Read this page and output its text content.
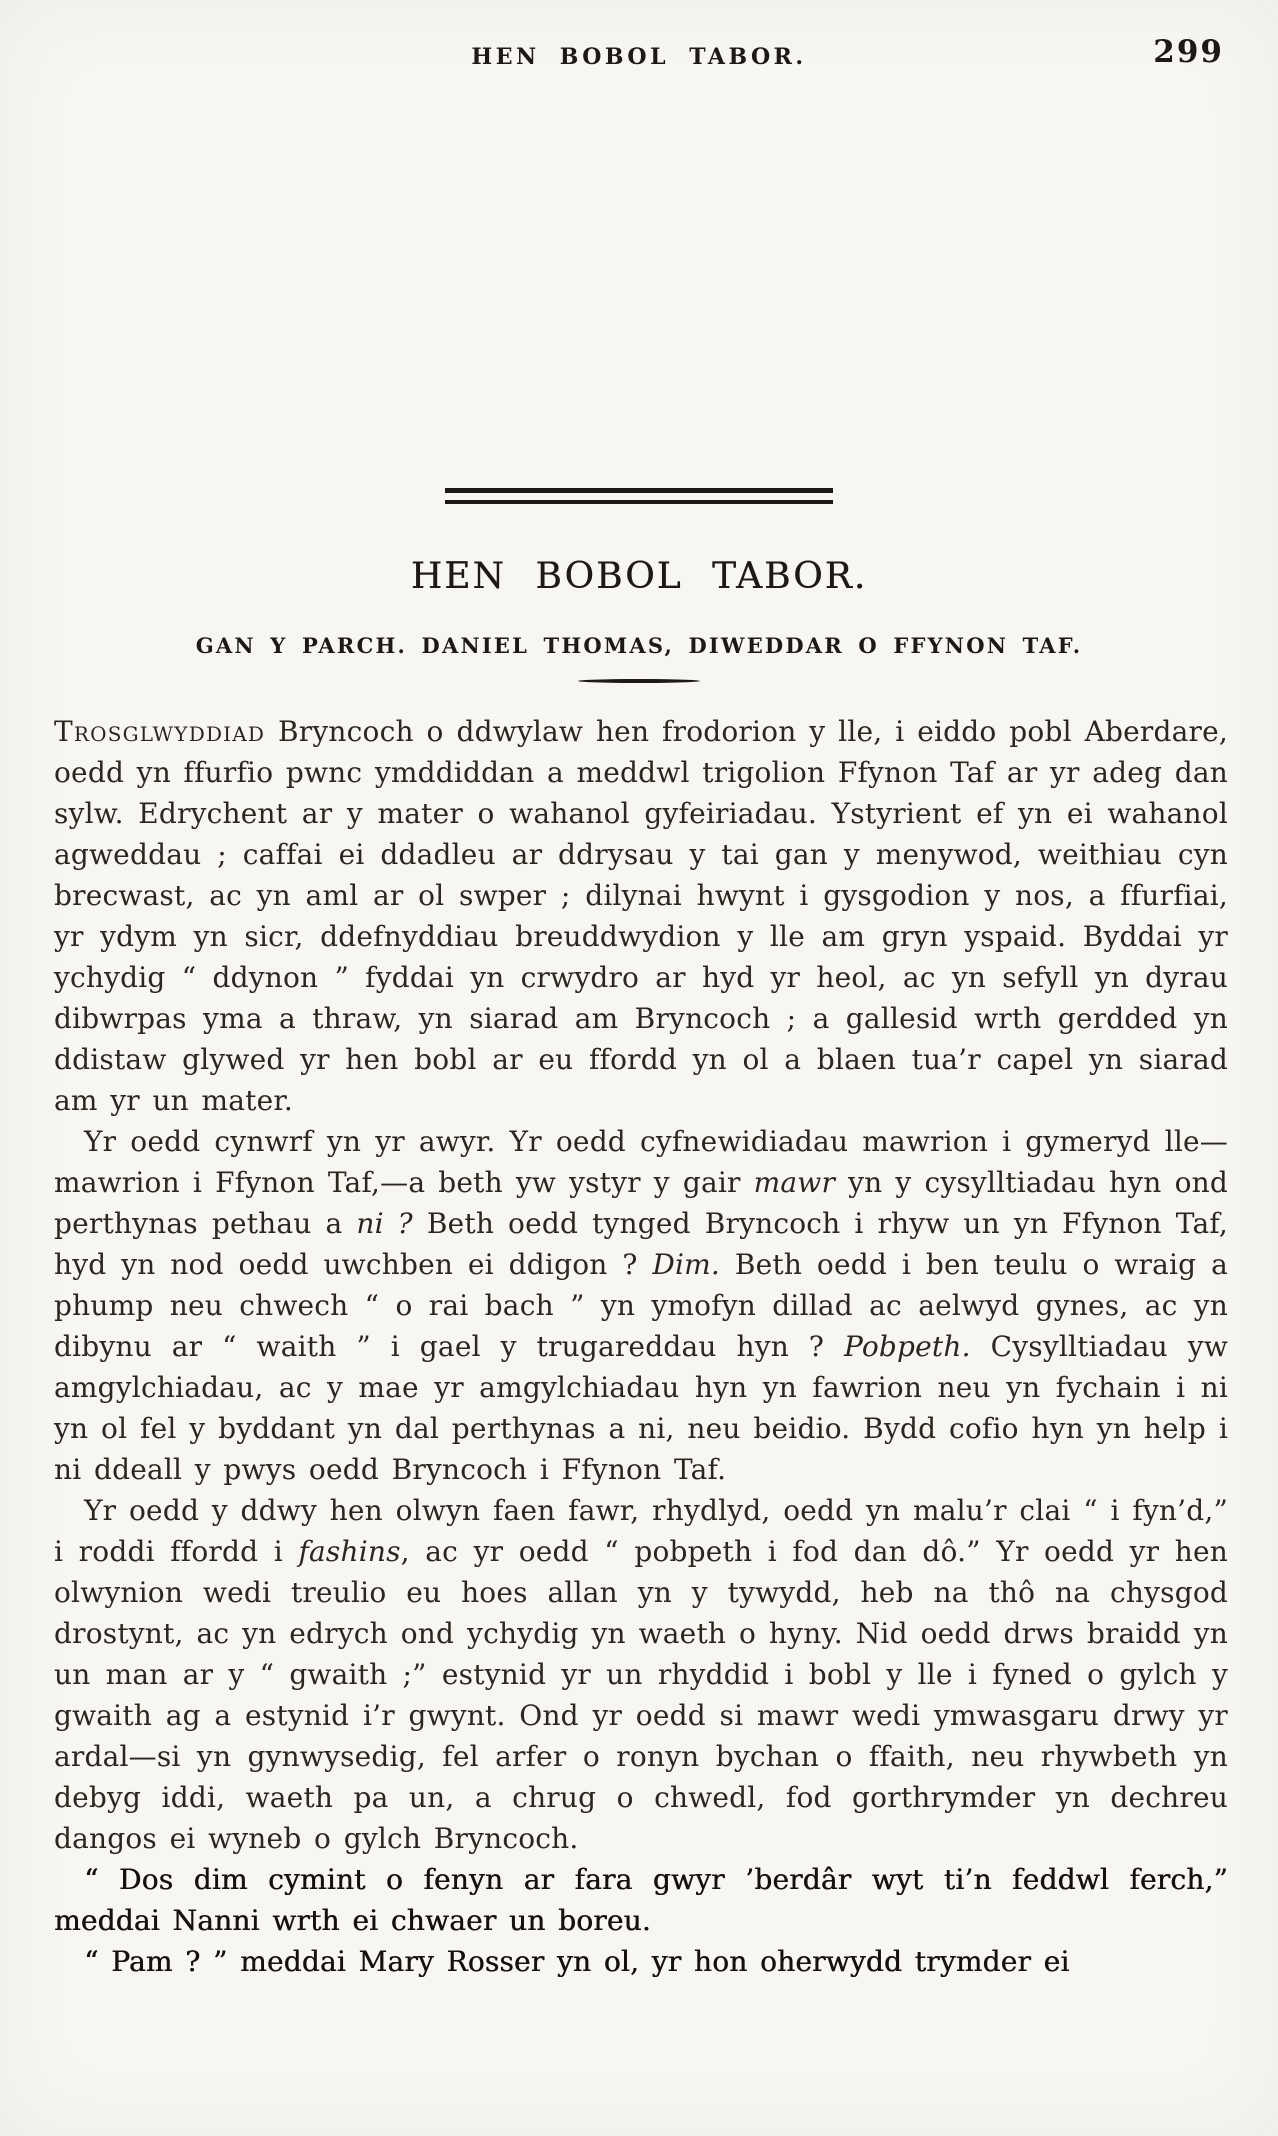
HEN BOBOL TABOR.	299
HEN BOBOL TABOR.
GAN Y PARCH. DANIEL THOMAS, DIWEDDAR O FFYNON TAF.

Trosglwyddiad Bryncoch o ddwylaw hen frodorion y lle, i eiddo pobl Aberdare, oedd yn ffurfio pwnc ymddiddan a meddwl trigolion Ffynon Taf ar yr adeg dan sylw. Edrychent ar y mater o wahanol gyfeiriadau. Ystyrient ef yn ei wahanol agweddau ; caffai ei ddadleu ar ddrysau y tai gan y menywod, weithiau cyn brecwast, ac yn aml ar ol swper ; dilynai hwynt i gysgodion y nos, a ffurfiai, yr ydym yn sicr, ddefnyddiau breuddwydion y lle am gryn yspaid. Byddai yr ychydig “ ddynon ” fyddai yn crwydro ar hyd yr heol, ac yn sefyll yn dyrau dibwrpas yma a thraw, yn siarad am Bryncoch ; a gallesid wrth gerdded yn ddistaw glywed yr hen bobl ar eu ffordd yn ol a blaen tua’r capel yn siarad am yr un mater.

Yr oedd cynwrf yn yr awyr. Yr oedd cyfnewidiadau mawrion i gymeryd lle—mawrion i Ffynon Taf,—a beth yw ystyr y gair mawr yn y cysylltiadau hyn ond perthynas pethau a ni ? Beth oedd tynged Bryncoch i rhyw un yn Ffynon Taf, hyd yn nod oedd uwchben ei ddigon ? Dim. Beth oedd i ben teulu o wraig a phump neu chwech “ o rai bach ” yn ymofyn dillad ac aelwyd gynes, ac yn dibynu ar “ waith ” i gael y trugareddau hyn ? Pobpeth. Cysylltiadau yw amgylchiadau, ac y mae yr amgylchiadau hyn yn fawrion neu yn fychain i ni yn ol fel y byddant yn dal perthynas a ni, neu beidio. Bydd cofio hyn yn help i ni ddeall y pwys oedd Bryncoch i Ffynon Taf.

Yr oedd y ddwy hen olwyn faen fawr, rhydlyd, oedd yn malu’r clai “ i fyn’d,” i roddi ffordd i fashins, ac yr oedd “ pobpeth i fod dan dô.” Yr oedd yr hen olwynion wedi treulio eu hoes allan yn y tywydd, heb na thô na chysgod drostynt, ac yn edrych ond ychydig yn waeth o hyny. Nid oedd drws braidd yn un man ar y “ gwaith ;” estynid yr un rhyddid i bobl y lle i fyned o gylch y gwaith ag a estynid i’r gwynt. Ond yr oedd si mawr wedi ymwasgaru drwy yr ardal—si yn gynwysedig, fel arfer o ronyn bychan o ffaith, neu rhywbeth yn debyg iddi, waeth pa un, a chrug o chwedl, fod gorthrymder yn dechreu dangos ei wyneb o gylch Bryncoch.

“ Dos dim cymint o fenyn ar fara gwyr ’berdâr wyt ti’n feddwl ferch,” meddai Nanni wrth ei chwaer un boreu.

“ Pam ? ” meddai Mary Rosser yn ol, yr hon oherwydd trymder ei
